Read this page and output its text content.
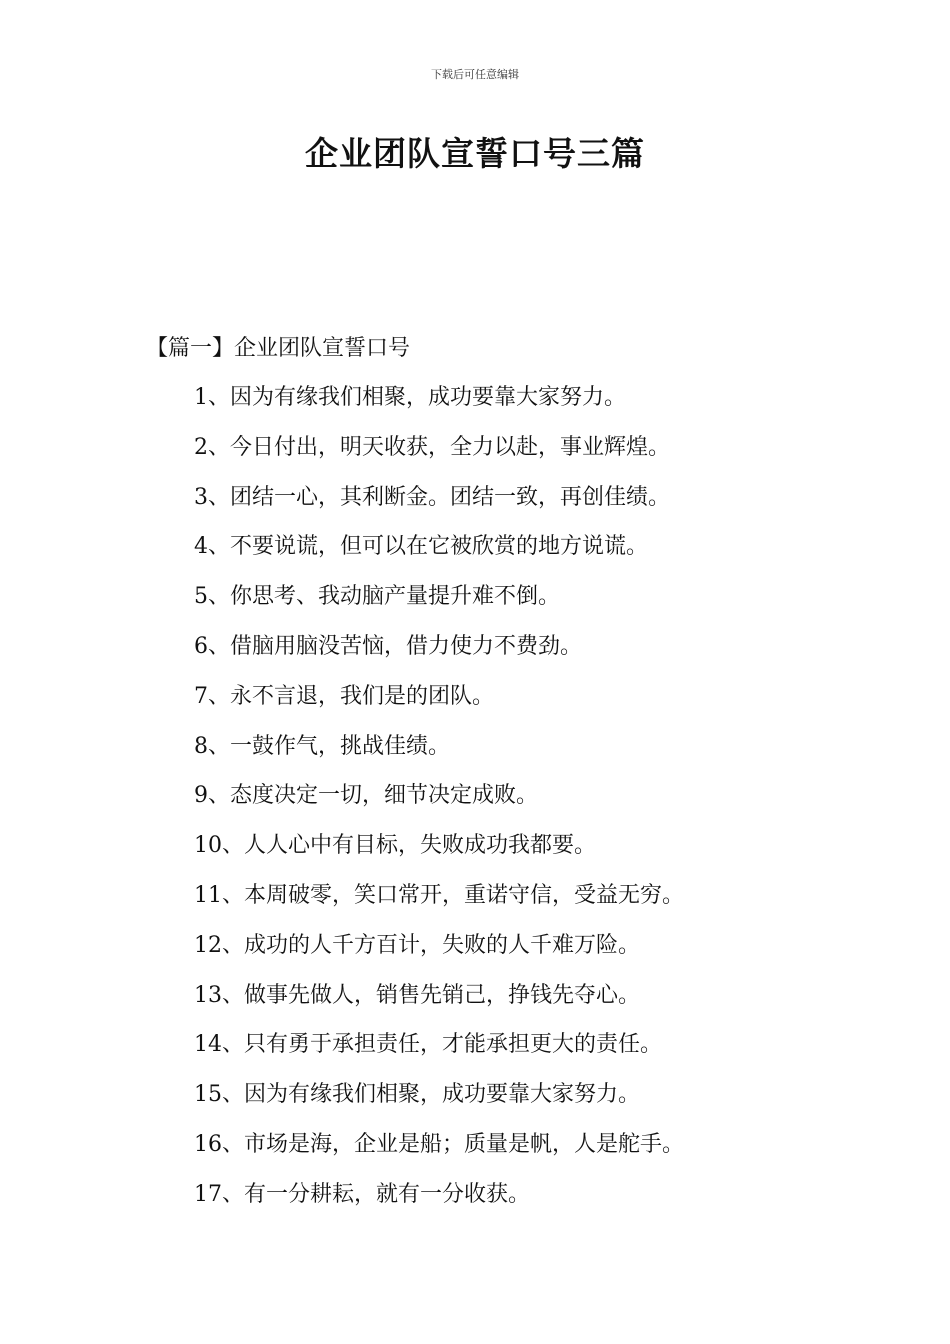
下载后可任意编辑
企业团队宣誓口号三篇

【篇一】企业团队宣誓口号

1、因为有缘我们相聚，成功要靠大家努力。
2、今日付出，明天收获，全力以赴，事业辉煌。
3、团结一心，其利断金。团结一致，再创佳绩。
4、不要说谎，但可以在它被欣赏的地方说谎。
5、你思考、我动脑产量提升难不倒。
6、借脑用脑没苦恼，借力使力不费劲。
7、永不言退，我们是的团队。
8、一鼓作气，挑战佳绩。
9、态度决定一切，细节决定成败。
10、人人心中有目标，失败成功我都要。
11、本周破零，笑口常开，重诺守信，受益无穷。
12、成功的人千方百计，失败的人千难万险。
13、做事先做人，销售先销己，挣钱先夺心。
14、只有勇于承担责任，才能承担更大的责任。
15、因为有缘我们相聚，成功要靠大家努力。
16、市场是海，企业是船；质量是帆，人是舵手。
17、有一分耕耘，就有一分收获。
